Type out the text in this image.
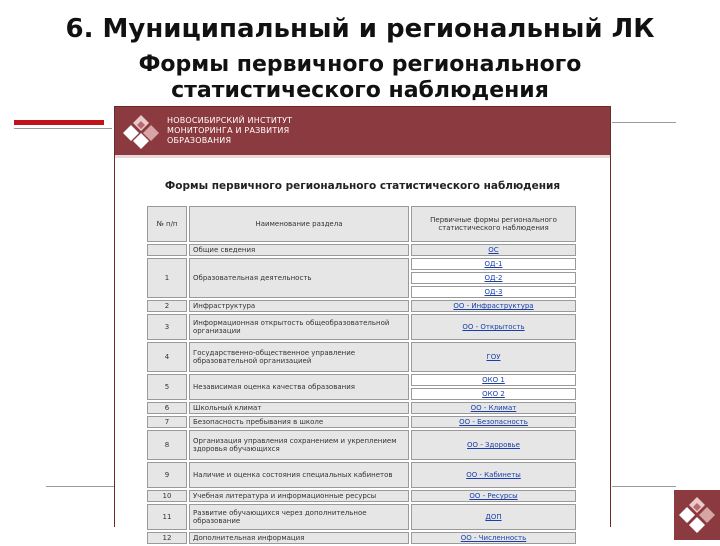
6. Муниципальный и региональный ЛК
Формы первичного регионального
статистического наблюдения
НОВОСИБИРСКИЙ ИНСТИТУТ
МОНИТОРИНГА И РАЗВИТИЯ
ОБРАЗОВАНИЯ
Формы первичного регионального статистического наблюдения
№ п/п	Наименование раздела	Первичные формы регионального статистического наблюдения
	Общие сведения	ОС
1	Образовательная деятельность	ОД-1
		ОД-2
		ОД-3
2	Инфраструктура	ОО - Инфраструктура
3	Информационная открытость общеобразовательной организации	ОО - Открытость
4	Государственно-общественное управление образовательной организацией	ГОУ
5	Независимая оценка качества образования	ОКО 1
		ОКО 2
6	Школьный климат	ОО - Климат
7	Безопасность пребывания в школе	ОО - Безопасность
8	Организация управления сохранением и укреплением здоровья обучающихся	ОО - Здоровье
9	Наличие и оценка состояния специальных кабинетов	ОО - Кабинеты
10	Учебная литература и информационные ресурсы	ОО - Ресурсы
11	Развитие обучающихся через дополнительное образование	ДОП
12	Дополнительная информация	ОО - Численность
